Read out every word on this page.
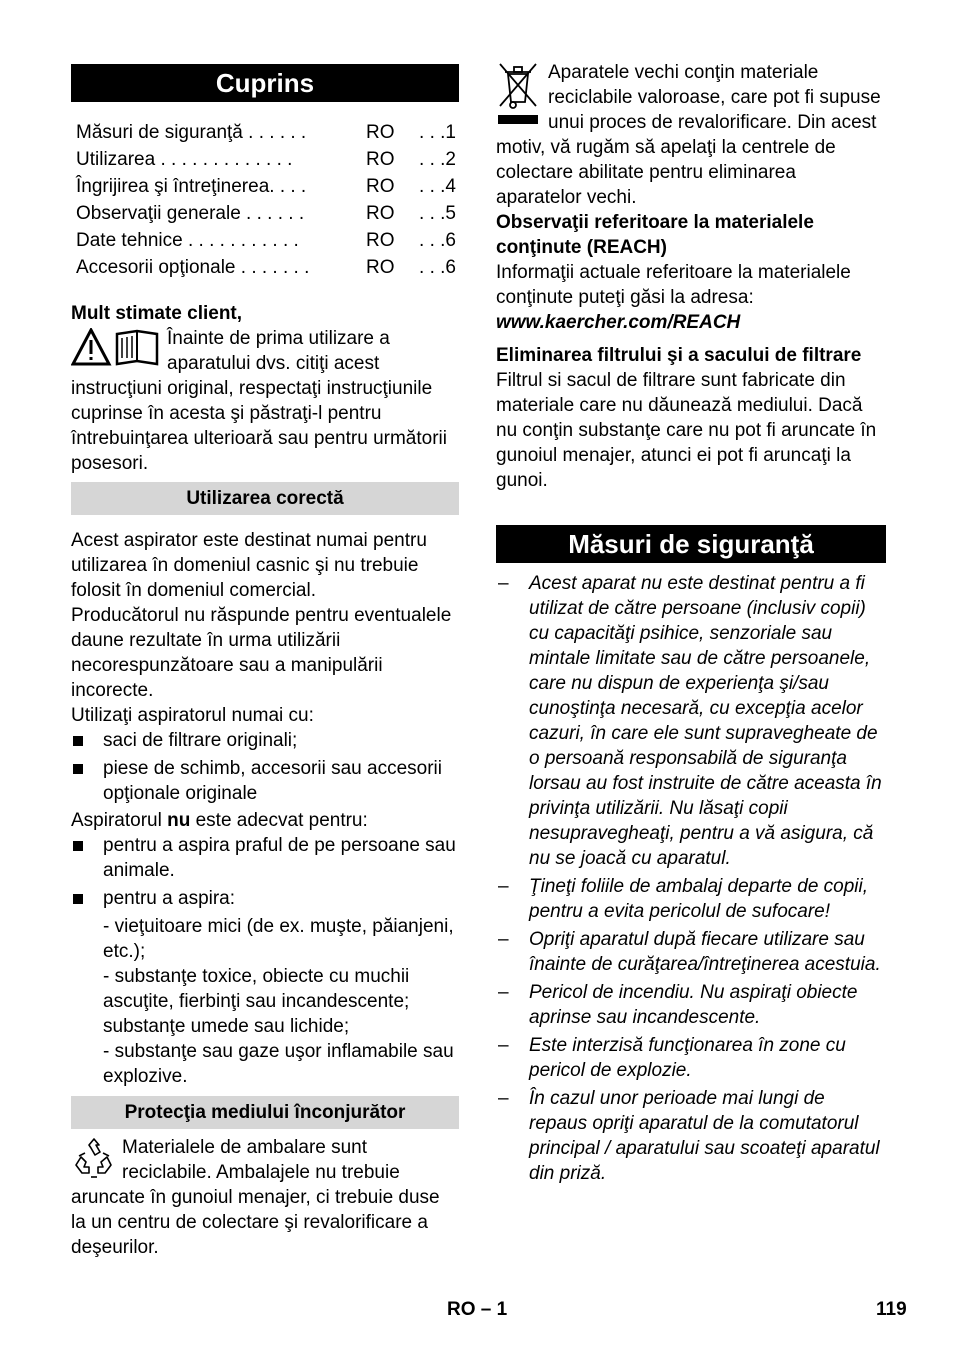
Cuprins
Măsuri de siguranţă . . . . . .	RO	. . .1
Utilizarea . . . . . . . . . . . . .	RO	. . .2
Îngrijirea şi întreţinerea. . . .	RO	. . .4
Observaţii generale . . . . . .	RO	. . .5
Date tehnice . . . . . . . . . . .	RO	. . .6
Accesorii opţionale . . . . . . .	RO	. . .6

Mult stimate client,

Înainte de prima utilizare a aparatului dvs. citiţi acest instrucţiuni original, respectaţi instrucţiunile cuprinse în acesta şi păstraţi-l pentru întrebuinţarea ulterioară sau pentru următorii posesori.

Utilizarea corectă

Acest aspirator este destinat numai pentru utilizarea în domeniul casnic şi nu trebuie folosit în domeniul comercial.

Producătorul nu răspunde pentru eventualele daune rezultate în urma utilizării necorespunzătoare sau a manipulării incorecte.

Utilizaţi aspiratorul numai cu:

saci de filtrare originali;
piese de schimb, accesorii sau accesorii opţionale originale

Aspiratorul nu este adecvat pentru:

pentru a aspira praful de pe persoane sau animale.
pentru a aspira:
- vieţuitoare mici (de ex. muşte, păianjeni, etc.);
- substanţe toxice, obiecte cu muchii ascuţite, fierbinţi sau incandescente; substanţe umede sau lichide;
- substanţe sau gaze uşor inflamabile sau explozive.
Protecţia mediului înconjurător

Materialele de ambalare sunt reciclabile. Ambalajele nu trebuie aruncate în gunoiul menajer, ci trebuie duse la un centru de colectare şi revalorificare a deşeurilor.

Aparatele vechi conţin materiale reciclabile valoroase, care pot fi supuse unui proces de revalorificare. Din acest motiv, vă rugăm să apelaţi la centrele de colectare abilitate pentru eliminarea aparatelor vechi.

Observaţii referitoare la materialele conţinute (REACH)

Informaţii actuale referitoare la materialele conţinute puteţi găsi la adresa:

www.kaercher.com/REACH

Eliminarea filtrului şi a sacului de filtrare

Filtrul si sacul de filtrare sunt fabricate din materiale care nu dăunează mediului. Dacă nu conţin substanţe care nu pot fi aruncate în gunoiul menajer, atunci ei pot fi aruncaţi la gunoi.

Măsuri de siguranţă
– Acest aparat nu este destinat pentru a fi utilizat de către persoane (inclusiv copii) cu capacităţi psihice, senzoriale sau mintale limitate sau de către persoanele, care nu dispun de experienţa şi/sau cunoştinţa necesară, cu excepţia acelor cazuri, în care ele sunt supravegheate de o persoană responsabilă de siguranţa lorsau au fost instruite de către aceasta în privinţa utilizării. Nu lăsaţi copii nesupravegheaţi, pentru a vă asigura, că nu se joacă cu aparatul.
– Ţineţi foliile de ambalaj departe de copii, pentru a evita pericolul de sufocare!
– Opriţi aparatul după fiecare utilizare sau înainte de curăţarea/întreţinerea acestuia.
– Pericol de incendiu. Nu aspiraţi obiecte aprinse sau incandescente.
– Este interzisă funcţionarea în zone cu pericol de explozie.
– În cazul unor perioade mai lungi de repaus opriţi aparatul de la comutatorul principal / aparatului sau scoateţi aparatul din priză.
RO – 1	119
